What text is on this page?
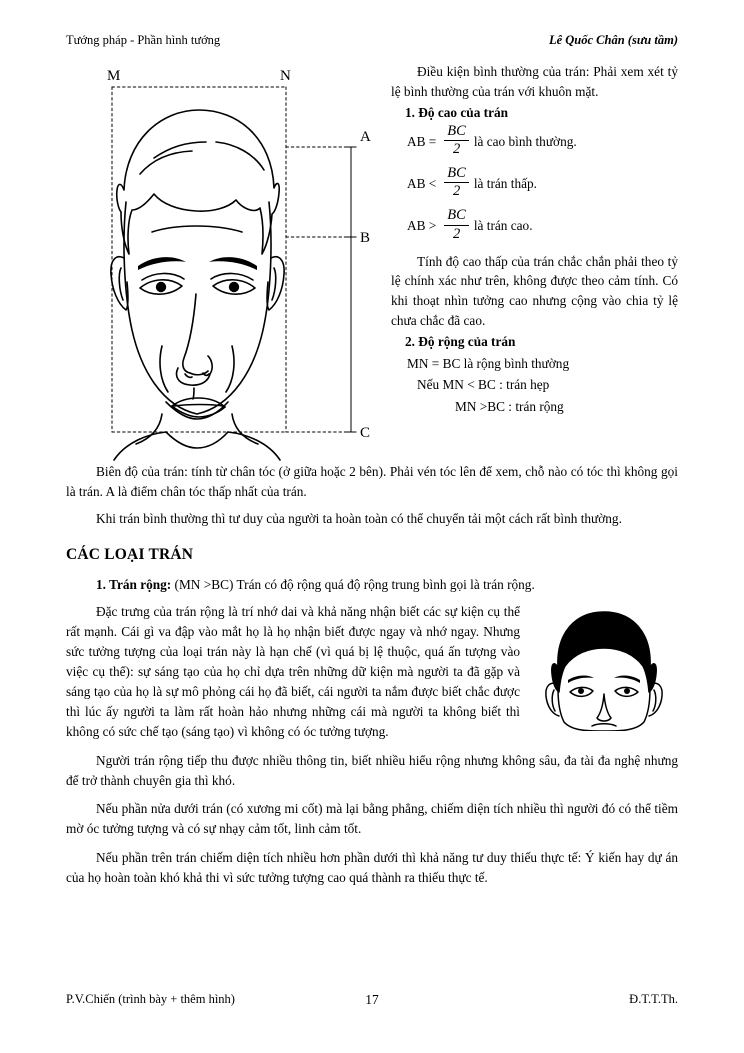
Tướng pháp - Phần hình tướng	Lê Quốc Chân (sưu tầm)
M	N
A
B
C

Điều kiện bình thường của trán: Phải xem xét tỷ lệ bình thường của trán với khuôn mặt.

1. Độ cao của trán

AB = $\frac{BC}{2}$ là cao bình thường.
AB < $\frac{BC}{2}$ là trán thấp.
AB > $\frac{BC}{2}$ là trán cao.

Tính độ cao thấp của trán chắc chắn phải theo tỷ lệ chính xác như trên, không được theo cảm tính. Có khi thoạt nhìn tưởng cao nhưng cộng vào chia tỷ lệ chưa chắc đã cao.

2. Độ rộng của trán

MN = BC là rộng bình thường

Nếu MN < BC : trán hẹp

MN >BC : trán rộng

Biên độ của trán: tính từ chân tóc (ở giữa hoặc 2 bên). Phải vén tóc lên để xem, chỗ nào có tóc thì không gọi là trán. A là điểm chân tóc thấp nhất của trán.

Khi trán bình thường thì tư duy của người ta hoàn toàn có thể chuyển tải một cách rất bình thường.

CÁC LOẠI TRÁN

1. Trán rộng: (MN >BC) Trán có độ rộng quá độ rộng trung bình gọi là trán rộng.

Đặc trưng của trán rộng là trí nhớ dai và khả năng nhận biết các sự kiện cụ thể rất mạnh. Cái gì va đập vào mắt họ là họ nhận biết được ngay và nhớ ngay. Nhưng sức tưởng tượng của loại trán này là hạn chế (vì quá bị lệ thuộc, quá ấn tượng vào việc cụ thể): sự sáng tạo của họ chỉ dựa trên những dữ kiện mà người ta đã gặp và sáng tạo của họ là sự mô phỏng cái họ đã biết, cái người ta nắm được biết chắc được thì lúc ấy người ta làm rất hoàn hảo nhưng những cái mà người ta không biết thì không có sức chế tạo (sáng tạo) vì không có óc tưởng tượng.

Người trán rộng tiếp thu được nhiều thông tin, biết nhiều hiểu rộng nhưng không sâu, đa tài đa nghệ nhưng để trở thành chuyên gia thì khó.

Nếu phần nửa dưới trán (có xương mi cốt) mà lại bằng phẳng, chiếm diện tích nhiều thì người đó có thể tiềm mờ óc tưởng tượng và có sự nhạy cảm tốt, linh cảm tốt.

Nếu phần trên trán chiếm diện tích nhiều hơn phần dưới thì khả năng tư duy thiếu thực tế: Ý kiến hay dự án của họ hoàn toàn khó khả thi vì sức tưởng tượng cao quá thành ra thiếu thực tế.

P.V.Chiến (trình bày + thêm hình)	17	Đ.T.T.Th.
